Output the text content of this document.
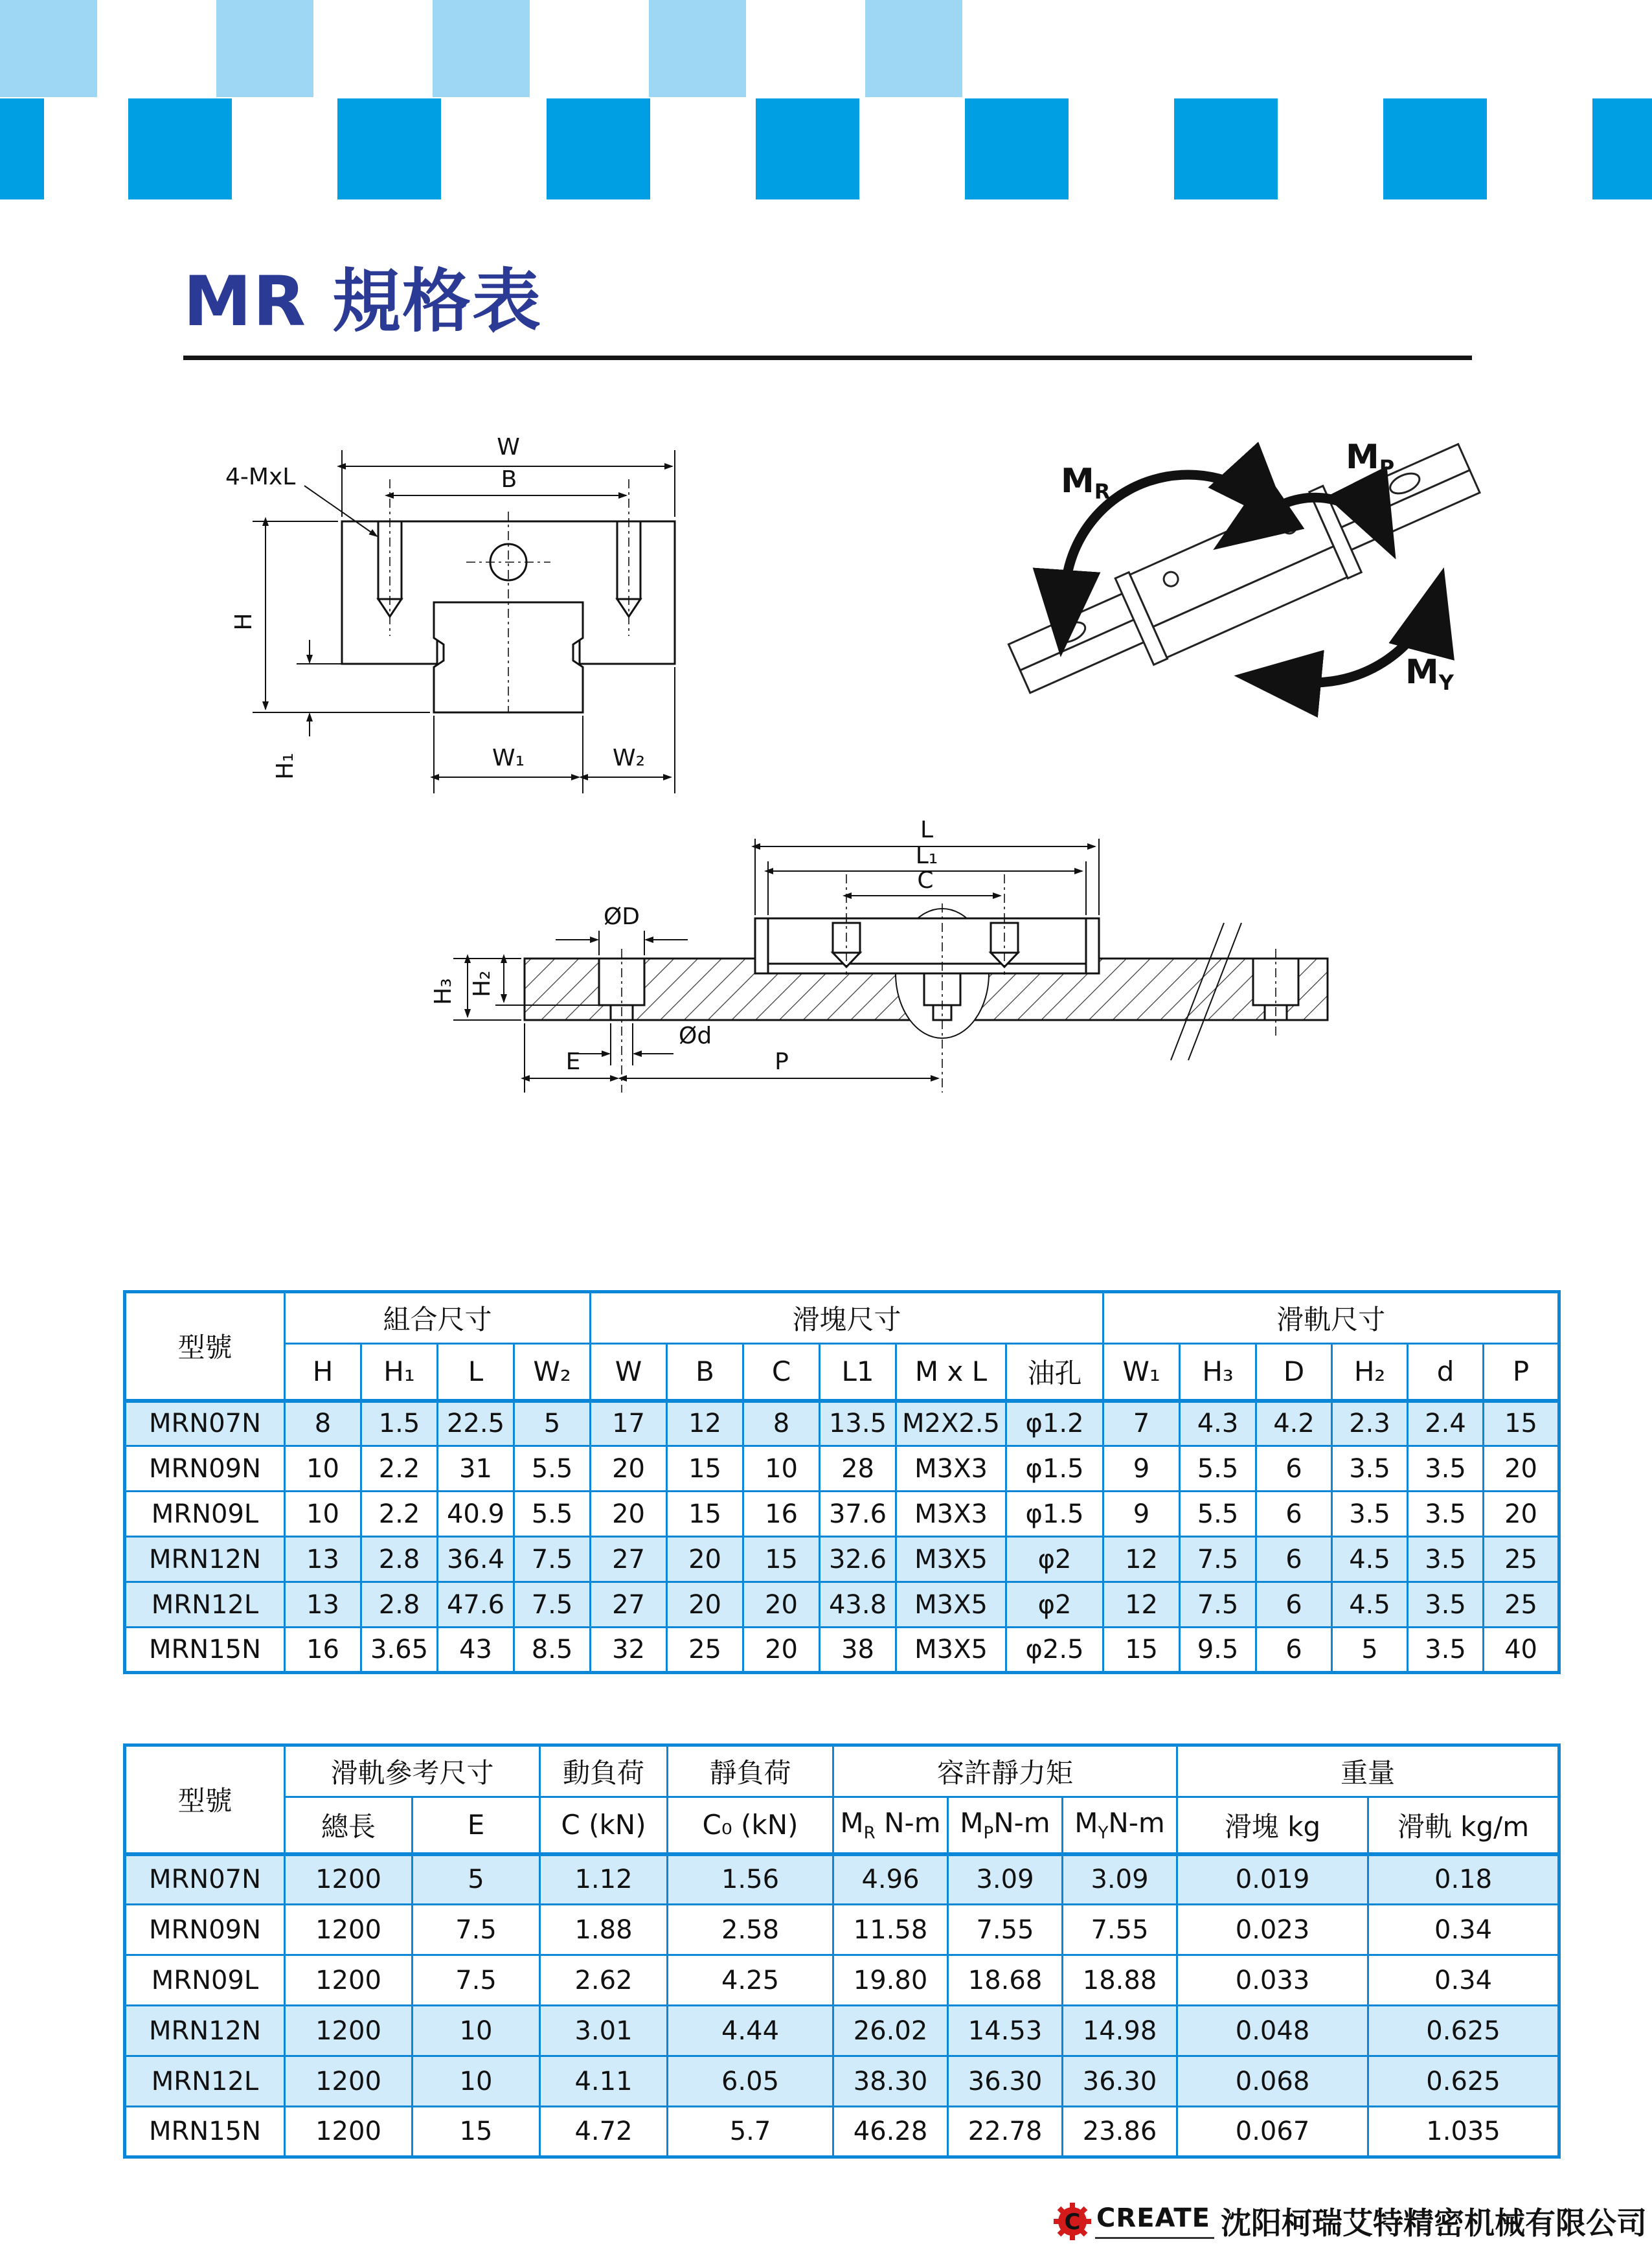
MR 規格表
W
B
4-MxL
H
H₁	W₁	W₂
MR
MP
MY
L
L₁
C
ØD
H₃ H₂
Ød
E	P
型號	組合尺寸				滑塊尺寸						滑軌尺寸					
	H	H₁	L	W₂	W	B	C	L1	M x L	油孔	W₁	H₃	D	H₂	d	P
MRN07N	8	1.5	22.5	5	17	12	8	13.5	M2X2.5	φ1.2	7	4.3	4.2	2.3	2.4	15
MRN09N	10	2.2	31	5.5	20	15	10	28	M3X3	φ1.5	9	5.5	6	3.5	3.5	20
MRN09L	10	2.2	40.9	5.5	20	15	16	37.6	M3X3	φ1.5	9	5.5	6	3.5	3.5	20
MRN12N	13	2.8	36.4	7.5	27	20	15	32.6	M3X5	φ2	12	7.5	6	4.5	3.5	25
MRN12L	13	2.8	47.6	7.5	27	20	20	43.8	M3X5	φ2	12	7.5	6	4.5	3.5	25
MRN15N	16	3.65	43	8.5	32	25	20	38	M3X5	φ2.5	15	9.5	6	5	3.5	40
型號	滑軌參考尺寸		動負荷	靜負荷	容許靜力矩			重量	
	總長	E	C (kN)	C₀ (kN)	$M_R$ N-m	$M_PN-m$	$M_YN-m$	滑塊 kg	滑軌 kg/m
MRN07N	1200	5	1.12	1.56	4.96	3.09	3.09	0.019	0.18
MRN09N	1200	7.5	1.88	2.58	11.58	7.55	7.55	0.023	0.34
MRN09L	1200	7.5	2.62	4.25	19.80	18.68	18.88	0.033	0.34
MRN12N	1200	10	3.01	4.44	26.02	14.53	14.98	0.048	0.625
MRN12L	1200	10	4.11	6.05	38.30	36.30	36.30	0.068	0.625
MRN15N	1200	15	4.72	5.7	46.28	22.78	23.86	0.067	1.035
C CREATE 沈阳柯瑞艾特精密机械有限公司
